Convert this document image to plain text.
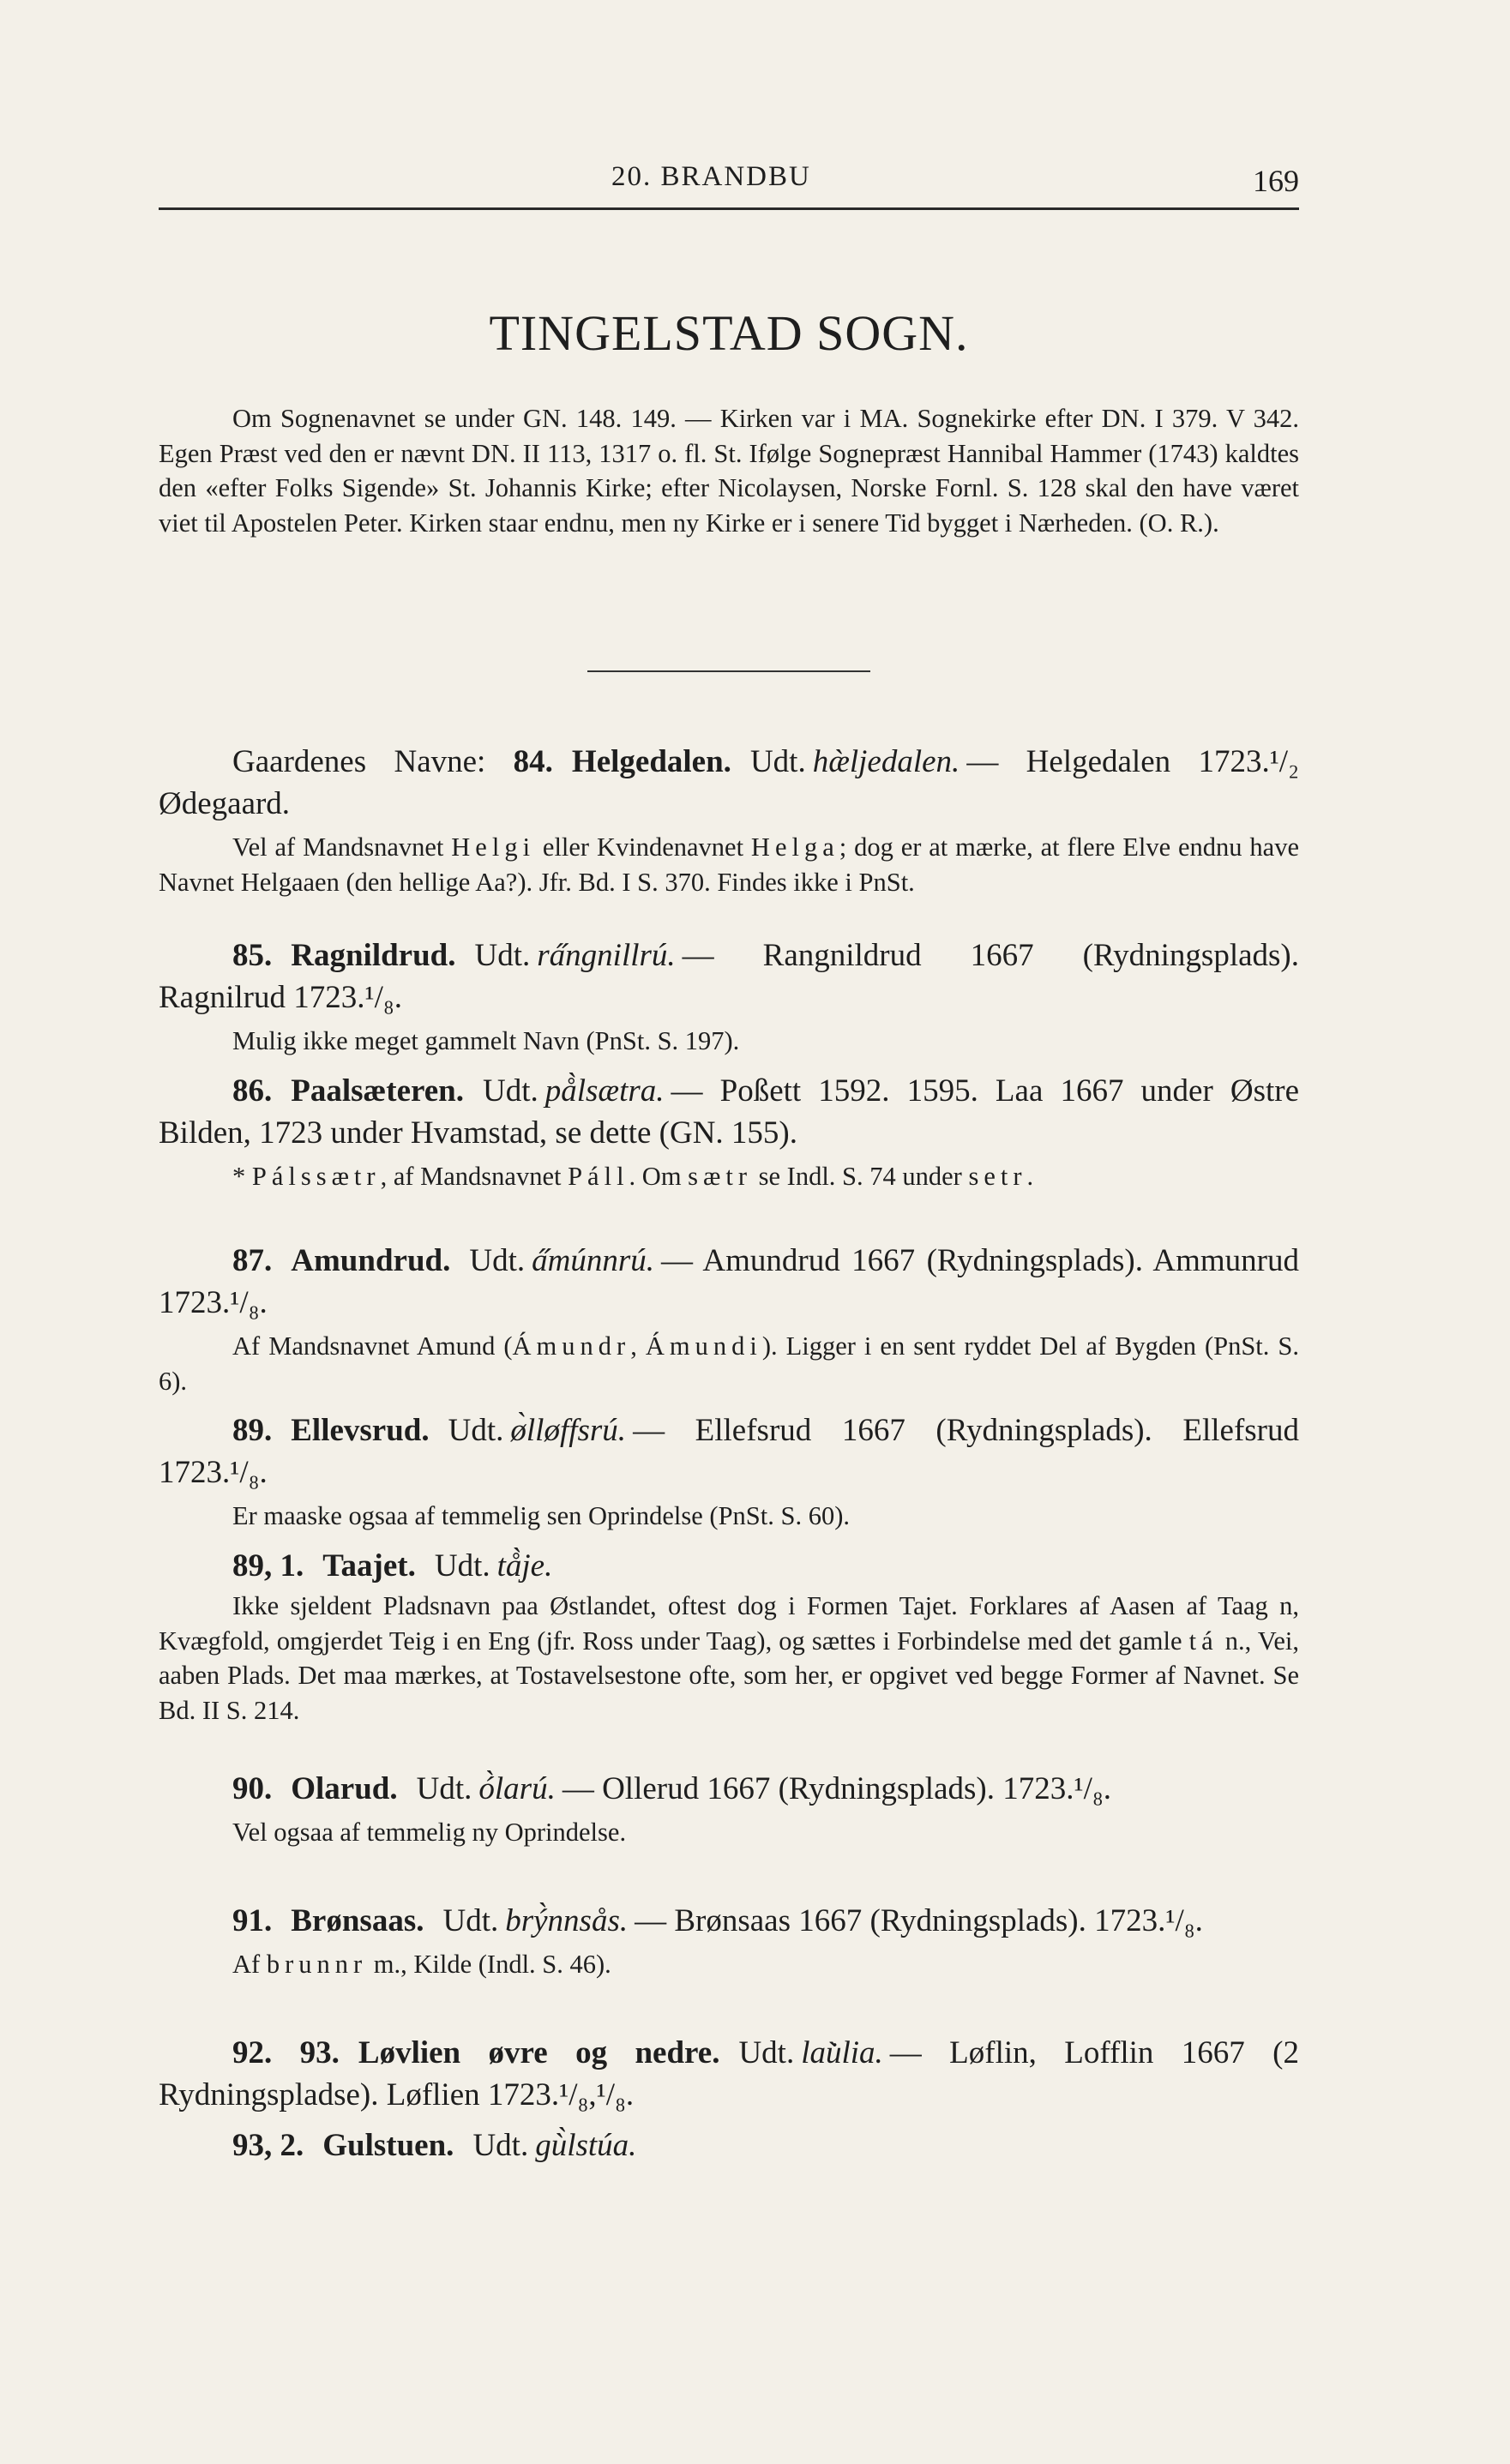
20. BRANDBU	169
TINGELSTAD SOGN.

Om Sognenavnet se under GN. 148. 149. — Kirken var i MA. Sognekirke efter DN. I 379. V 342. Egen Præst ved den er nævnt DN. II 113, 1317 o. fl. St. Ifølge Sognepræst Hannibal Hammer (1743) kaldtes den «efter Folks Sigende» St. Johannis Kirke; efter Nicolaysen, Norske Fornl. S. 128 skal den have været viet til Apostelen Peter. Kirken staar endnu, men ny Kirke er i senere Tid bygget i Nærheden. (O. R.).

Gaardenes Navne: 84. Helgedalen. Udt. hæ̀ljedalen. — Helgedalen 1723.¹/₂ Ødegaard.

Vel af Mandsnavnet Helgi eller Kvindenavnet Helga; dog er at mærke, at flere Elve endnu have Navnet Helgaaen (den hellige Aa?). Jfr. Bd. I S. 370. Findes ikke i PnSt.

85. Ragnildrud. Udt. ra̋ngnillrú. — Rangnildrud 1667 (Rydningsplads). Ragnilrud 1723.¹/₈.

Mulig ikke meget gammelt Navn (PnSt. S. 197).

86. Paalsæteren. Udt. på̀lsætra. — Poßett 1592. 1595. Laa 1667 under Østre Bilden, 1723 under Hvamstad, se dette (GN. 155).

* Pálssætr, af Mandsnavnet Páll. Om sætr se Indl. S. 74 under setr.

87. Amundrud. Udt. a̋múnnrú. — Amundrud 1667 (Rydningsplads). Ammunrud 1723.¹/₈.

Af Mandsnavnet Amund (Ámundr, Ámundi). Ligger i en sent ryddet Del af Bygden (PnSt. S. 6).

89. Ellevsrud. Udt. ø̀lløffsrú. — Ellefsrud 1667 (Rydningsplads). Ellefsrud 1723.¹/₈.

Er maaske ogsaa af temmelig sen Oprindelse (PnSt. S. 60).

89, 1. Taajet. Udt. tå̀je.

Ikke sjeldent Pladsnavn paa Østlandet, oftest dog i Formen Tajet. Forklares af Aasen af Taag n, Kvægfold, omgjerdet Teig i en Eng (jfr. Ross under Taag), og sættes i Forbindelse med det gamle tá n., Vei, aaben Plads. Det maa mærkes, at Tostavelsestone ofte, som her, er opgivet ved begge Former af Navnet. Se Bd. II S. 214.

90. Olarud. Udt. ó̀larú. — Ollerud 1667 (Rydningsplads). 1723.¹/₈.

Vel ogsaa af temmelig ny Oprindelse.

91. Brønsaas. Udt. brý̀nnsås. — Brønsaas 1667 (Rydningsplads). 1723.¹/₈.

Af brunnr m., Kilde (Indl. S. 46).

92. 93. Løvlien øvre og nedre. Udt. lau̇̀lia. — Løflin, Lofflin 1667 (2 Rydningspladse). Løflien 1723.¹/₈,¹/₈.

93, 2. Gulstuen. Udt. gù̀lstúa.
